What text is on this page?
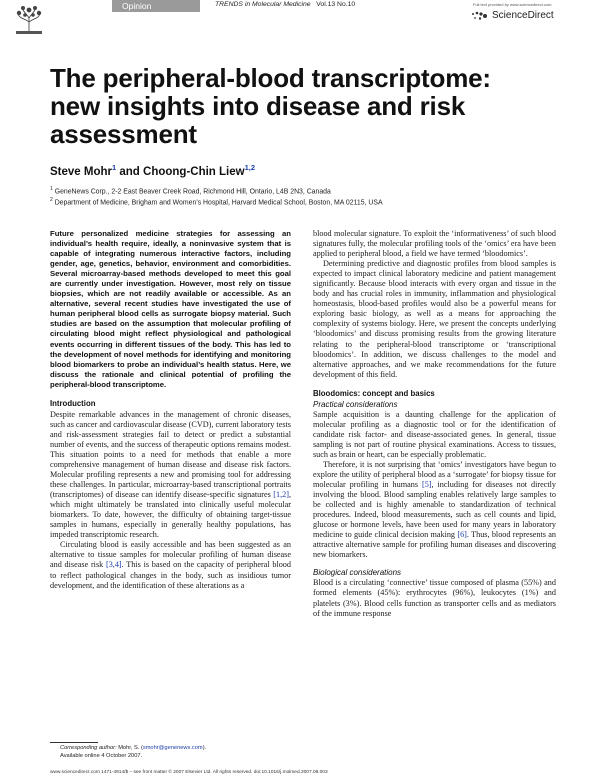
Opinion	TRENDS in Molecular Medicine Vol.13 No.10	Full text provided by www.sciencedirect.com
ScienceDirect
The peripheral-blood transcriptome:
new insights into disease and risk
assessment
Steve Mohr$^1$ and Choong-Chin Liew$^{1,2}$
$^1$ GeneNews Corp., 2-2 East Beaver Creek Road, Richmond Hill, Ontario, L4B 2N3, Canada
$^2$ Department of Medicine, Brigham and Women’s Hospital, Harvard Medical School, Boston, MA 02115, USA

Future personalized medicine strategies for assessing an individual’s health require, ideally, a noninvasive system that is capable of integrating numerous interactive factors, including gender, age, genetics, behavior, environment and comorbidities. Several microarray-based methods developed to meet this goal are currently under investigation. However, most rely on tissue biopsies, which are not readily available or accessible. As an alternative, several recent studies have investigated the use of human peripheral blood cells as surrogate biopsy material. Such studies are based on the assumption that molecular profiling of circulating blood might reflect physiological and pathological events occurring in different tissues of the body. This has led to the development of novel methods for identifying and monitoring blood biomarkers to probe an individual’s health status. Here, we discuss the rationale and clinical potential of profiling the peripheral-blood transcriptome.

Introduction

Despite remarkable advances in the management of chronic diseases, such as cancer and cardiovascular disease (CVD), current laboratory tests and risk-assessment strategies fail to detect or predict a substantial number of events, and the success of therapeutic options remains modest. This situation points to a need for methods that enable a more comprehensive management of human disease and disease risk factors. Molecular profiling represents a new and promising tool for addressing these challenges. In particular, microarray-based transcriptional portraits (transcriptomes) of disease can identify disease-specific signatures [1,2], which might ultimately be translated into clinically useful molecular biomarkers. To date, however, the difficulty of obtaining target-tissue samples in humans, especially in generally healthy populations, has impeded transcriptomic research.

Circulating blood is easily accessible and has been suggested as an alternative to tissue samples for molecular profiling of human disease and disease risk [3,4]. This is based on the capacity of peripheral blood to reflect pathological changes in the body, such as insidious tumor development, and the identification of these alterations as a

blood molecular signature. To exploit the ‘informativeness’ of such blood signatures fully, the molecular profiling tools of the ‘omics’ era have been applied to peripheral blood, a field we have termed ‘bloodomics’.

Determining predictive and diagnostic profiles from blood samples is expected to impact clinical laboratory medicine and patient management significantly. Because blood interacts with every organ and tissue in the body and has crucial roles in immunity, inflammation and physiological homeostasis, blood-based profiles would also be a powerful means for exploring basic biology, as well as a means for approaching the complexity of systems biology. Here, we present the concepts underlying ‘bloodomics’ and discuss promising results from the growing literature relating to the peripheral-blood transcriptome or ‘transcriptional bloodomics’. In addition, we discuss challenges to the model and alternative approaches, and we make recommendations for the future development of this field.

Bloodomics: concept and basics

Practical considerations

Sample acquisition is a daunting challenge for the application of molecular profiling as a diagnostic tool or for the identification of candidate risk factor- and disease-associated genes. In general, tissue sampling is not part of routine physical examinations. Access to tissues, such as brain or heart, can be especially problematic.

Therefore, it is not surprising that ‘omics’ investigators have begun to explore the utility of peripheral blood as a ‘surrogate’ for biopsy tissue for molecular profiling in humans [5], including for diseases not directly involving the blood. Blood sampling enables relatively large samples to be collected and is highly amenable to standardization of technical procedures. Indeed, blood measurements, such as cell counts and lipid, glucose or hormone levels, have been used for many years in laboratory medicine to guide clinical decision making [6]. Thus, blood represents an attractive alternative sample for profiling human diseases and discovering new biomarkers.

Biological considerations

Blood is a circulating ‘connective’ tissue composed of plasma (55%) and formed elements (45%): erythrocytes (96%), leukocytes (1%) and platelets (3%). Blood cells function as transporter cells and as mediators of the immune response

Corresponding author: Mohr, S. (smohr@genenews.com).
Available online 4 October 2007.
www.sciencedirect.com 1471-4914/$ – see front matter © 2007 Elsevier Ltd. All rights reserved. doi:10.1016/j.molmed.2007.08.003
